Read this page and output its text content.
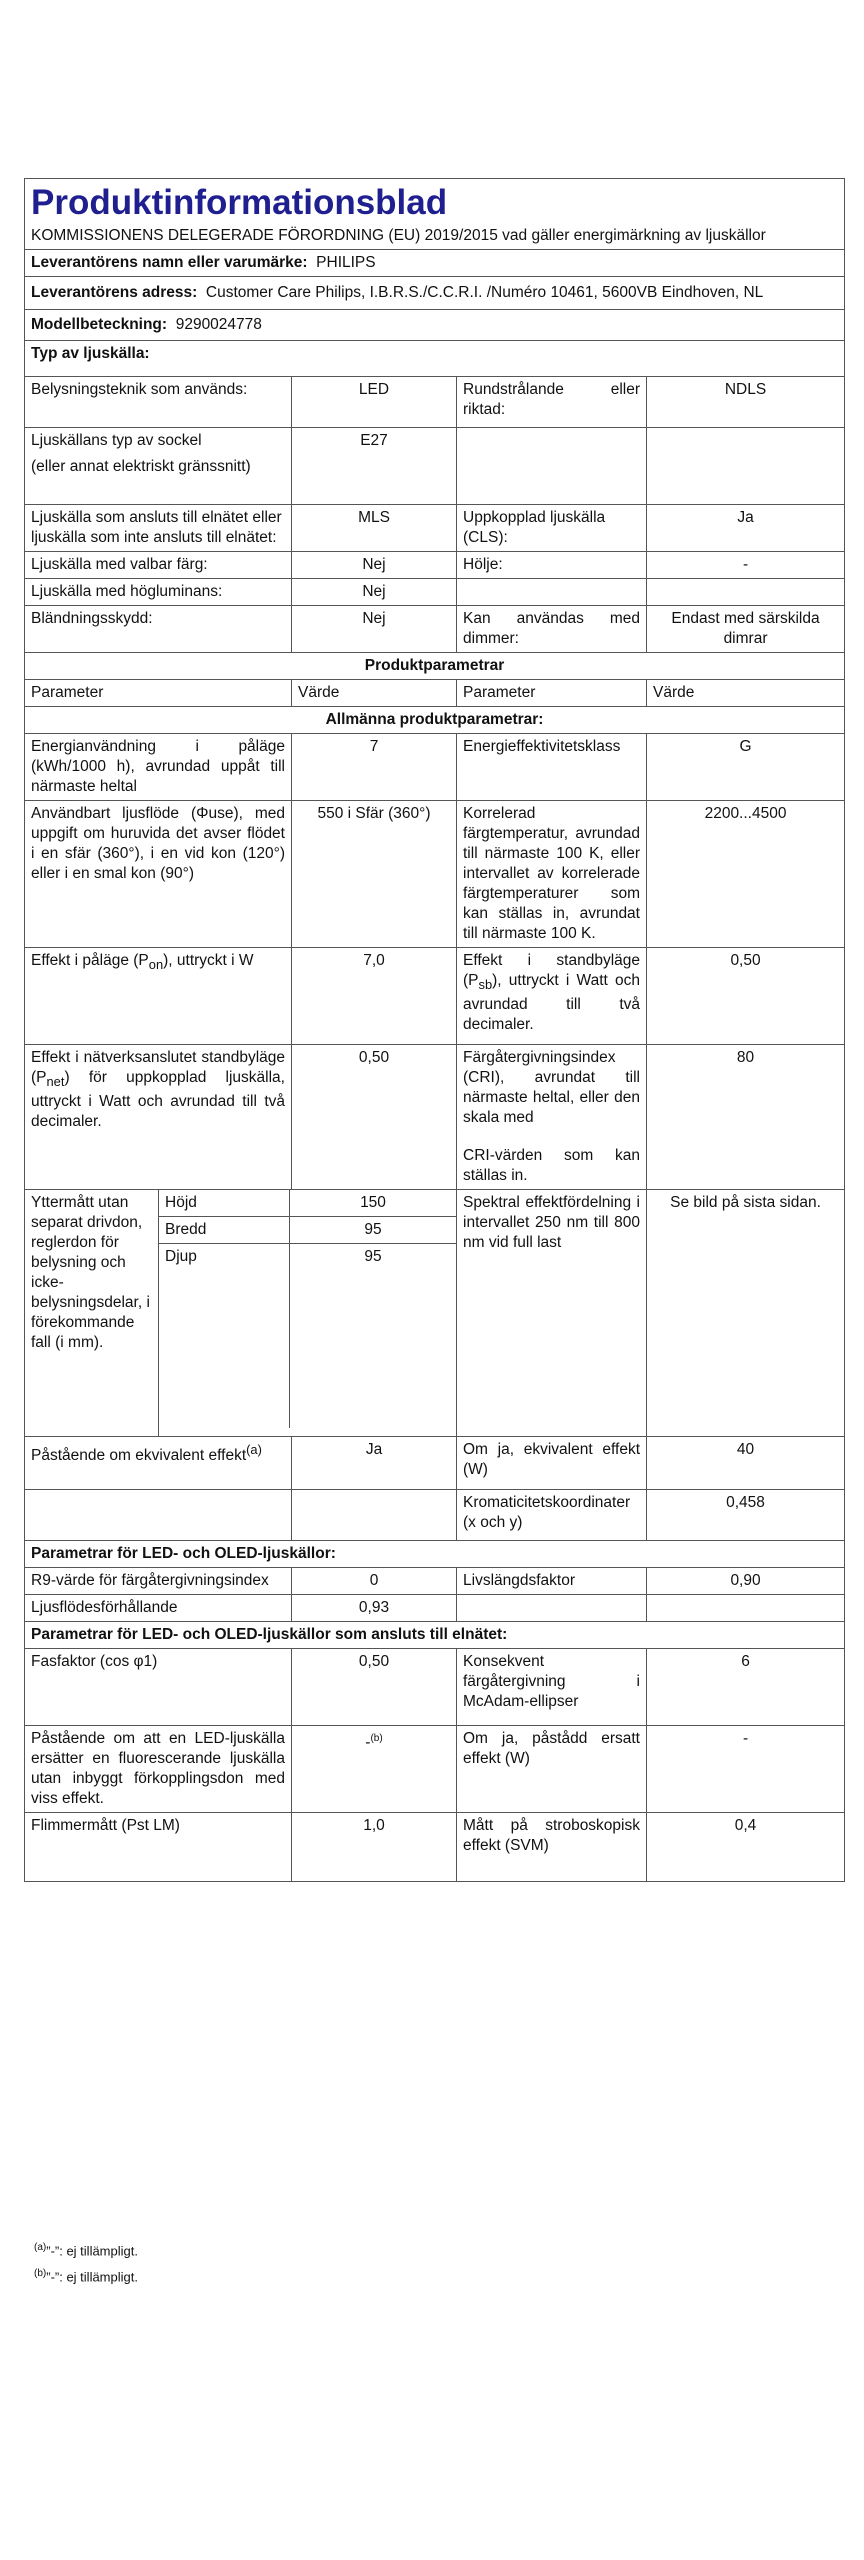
Produktinformationsblad
KOMMISSIONENS DELEGERADE FÖRORDNING (EU) 2019/2015 vad gäller energimärkning av ljuskällor

Leverantörens namn eller varumärke: PHILIPS
Leverantörens adress: Customer Care Philips, I.B.R.S./C.C.R.I. /Numéro 10461, 5600VB Eindhoven, NL
Modellbeteckning: 9290024778
Typ av ljuskälla:
Belysningsteknik som används:	LED	Rundstrålande eller riktad:	NDLS

Ljuskällans typ av sockel
(eller annat elektriskt gränssnitt)
	E27		
Ljuskälla som ansluts till elnätet eller ljuskälla som inte ansluts till elnätet:	MLS	Uppkopplad ljuskälla (CLS):	Ja
Ljuskälla med valbar färg:	Nej	Hölje:	-
Ljuskälla med högluminans:	Nej		
Bländningsskydd:	Nej	Kan användas med dimmer:	Endast med särskilda dimrar
Produktparametrar
Parameter	Värde	Parameter	Värde
Allmänna produktparametrar:
Energianvändning i påläge (kWh/1000 h), avrundad uppåt till närmaste heltal	7	Energieffektivitetsklass	G
Användbart ljusflöde (Φuse), med uppgift om huruvida det avser flödet i en sfär (360°), i en vid kon (120°) eller i en smal kon (90°)	550 i Sfär (360°)	Korrelerad färgtemperatur, avrundad till närmaste 100 K, eller intervallet av korrelerade färgtemperaturer som kan ställas in, avrundat till närmaste 100 K.	2200...4500
Effekt i påläge $(P_{on})$, uttryckt i W	7,0	Effekt i standbyläge $(P_{sb})$, uttryckt i Watt och avrundad till två decimaler.	0,50
Effekt i nätverksanslutet standbyläge $(P_{net})$ för uppkopplad ljuskälla, uttryckt i Watt och avrundad till två decimaler.	0,50	Färgåtergivningsindex (CRI), avrundat till närmaste heltal, eller den skala med
CRI-värden som kan ställas in.
	80
Yttermått utan separat drivdon, reglerdon för belysning och icke-belysningsdelar, i förekommande fall (i mm).	
Höjd	150
Bredd	95
Djup	95
	Spektral effektfördelning i intervallet 250 nm till 800 nm vid full last	Se bild på sista sidan.
Påstående om ekvivalent effekt$^{(a)}$	Ja	Om ja, ekvivalent effekt (W)	40
		Kromaticitetskoordinater (x och y)	0,458
Parametrar för LED- och OLED-ljuskällor:
R9-värde för färgåtergivningsindex	0	Livslängdsfaktor	0,90
Ljusflödesförhållande	0,93		
Parametrar för LED- och OLED-ljuskällor som ansluts till elnätet:
Fasfaktor (cos φ1)	0,50	Konsekvent färgåtergivning i McAdam-ellipser	6
Påstående om att en LED-ljuskälla ersätter en fluorescerande ljuskälla utan inbyggt förkopplingsdon med viss effekt.	-$^{(b)}$	Om ja, påstådd ersatt effekt (W)	-
Flimmermått (Pst LM)	1,0	Mått på stroboskopisk effekt (SVM)	0,4
$^{(a)}$”-”: ej tillämpligt.
$^{(b)}$”-”: ej tillämpligt.
